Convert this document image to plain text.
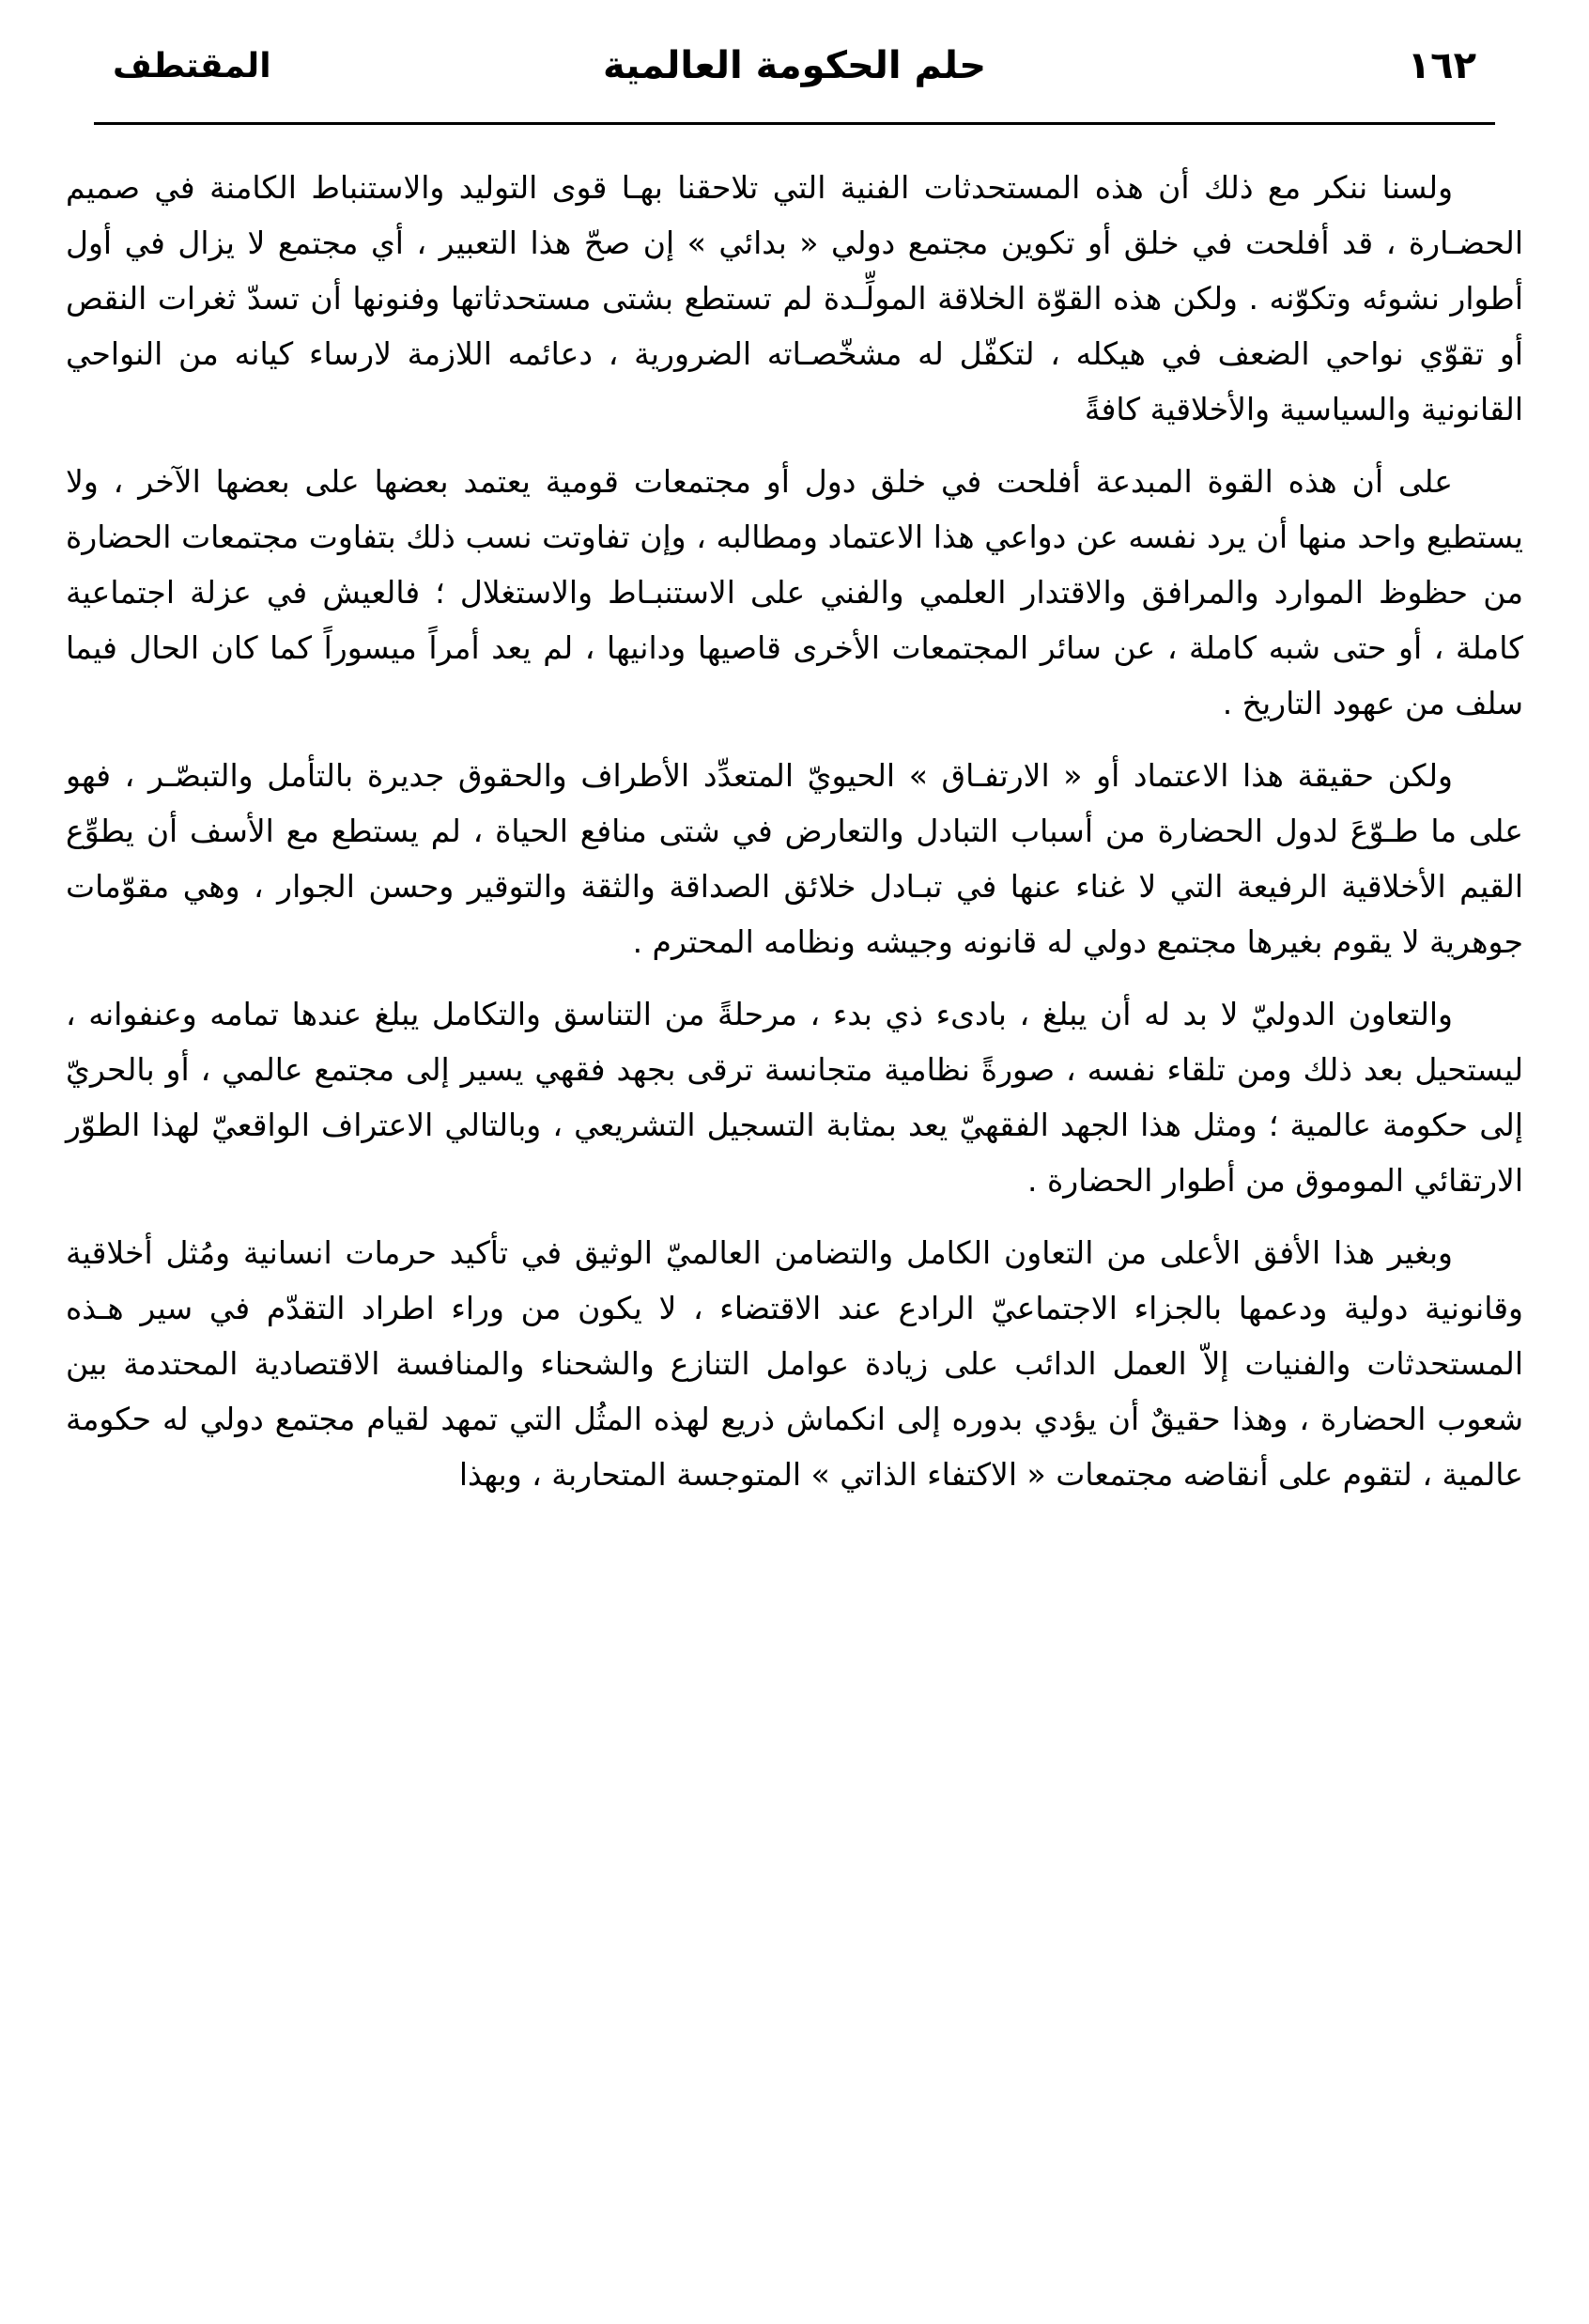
١٦٢
حلم الحكومة العالمية
المقتطف

ولسنا ننكر مع ذلك أن هذه المستحدثات الفنية التي تلاحقنا بهـا قوى التوليد والاستنباط الكامنة في صميم الحضـارة ، قد أفلحت في خلق أو تكوين مجتمع دولي « بدائي » إن صحّ هذا التعبير ، أي مجتمع لا يزال في أول أطوار نشوئه وتكوّنه . ولكن هذه القوّة الخلاقة المولِّـدة لم تستطع بشتى مستحدثاتها وفنونها أن تسدّ ثغرات النقص أو تقوّي نواحي الضعف في هيكله ، لتكفّل له مشخّصـاته الضرورية ، دعائمه اللازمة لارساء كيانه من النواحي القانونية والسياسية والأخلاقية كافةً

على أن هذه القوة المبدعة أفلحت في خلق دول أو مجتمعات قومية يعتمد بعضها على بعضها الآخر ، ولا يستطيع واحد منها أن يرد نفسه عن دواعي هذا الاعتماد ومطالبه ، وإن تفاوتت نسب ذلك بتفاوت مجتمعات الحضارة من حظوظ الموارد والمرافق والاقتدار العلمي والفني على الاستنبـاط والاستغلال ؛ فالعيش في عزلة اجتماعية كاملة ، أو حتى شبه كاملة ، عن سائر المجتمعات الأخرى قاصيها ودانيها ، لم يعد أمراً ميسوراً كما كان الحال فيما سلف من عهود التاريخ .

ولكن حقيقة هذا الاعتماد أو « الارتفـاق » الحيويّ المتعدِّد الأطراف والحقوق جديرة بالتأمل والتبصّـر ، فهو على ما طـوّعَ لدول الحضارة من أسباب التبادل والتعارض في شتى منافع الحياة ، لم يستطع مع الأسف أن يطوِّع القيم الأخلاقية الرفيعة التي لا غناء عنها في تبـادل خلائق الصداقة والثقة والتوقير وحسن الجوار ، وهي مقوّمات جوهرية لا يقوم بغيرها مجتمع دولي له قانونه وجيشه ونظامه المحترم .

والتعاون الدوليّ لا بد له أن يبلغ ، بادىء ذي بدء ، مرحلةً من التناسق والتكامل يبلغ عندها تمامه وعنفوانه ، ليستحيل بعد ذلك ومن تلقاء نفسه ، صورةً نظامية متجانسة ترقى بجهد فقهي يسير إلى مجتمع عالمي ، أو بالحريّ إلى حكومة عالمية ؛ ومثل هذا الجهد الفقهيّ يعد بمثابة التسجيل التشريعي ، وبالتالي الاعتراف الواقعيّ لهذا الطوّر الارتقائي الموموق من أطوار الحضارة .

وبغير هذا الأفق الأعلى من التعاون الكامل والتضامن العالميّ الوثيق في تأكيد حرمات انسانية ومُثل أخلاقية وقانونية دولية ودعمها بالجزاء الاجتماعيّ الرادع عند الاقتضاء ، لا يكون من وراء اطراد التقدّم في سير هـذه المستحدثات والفنيات إلاّ العمل الدائب على زيادة عوامل التنازع والشحناء والمنافسة الاقتصادية المحتدمة بين شعوب الحضارة ، وهذا حقيقٌ أن يؤدي بدوره إلى انكماش ذريع لهذه المثُل التي تمهد لقيام مجتمع دولي له حكومة عالمية ، لتقوم على أنقاضه مجتمعات « الاكتفاء الذاتي » المتوجسة المتحاربة ، وبهذا
